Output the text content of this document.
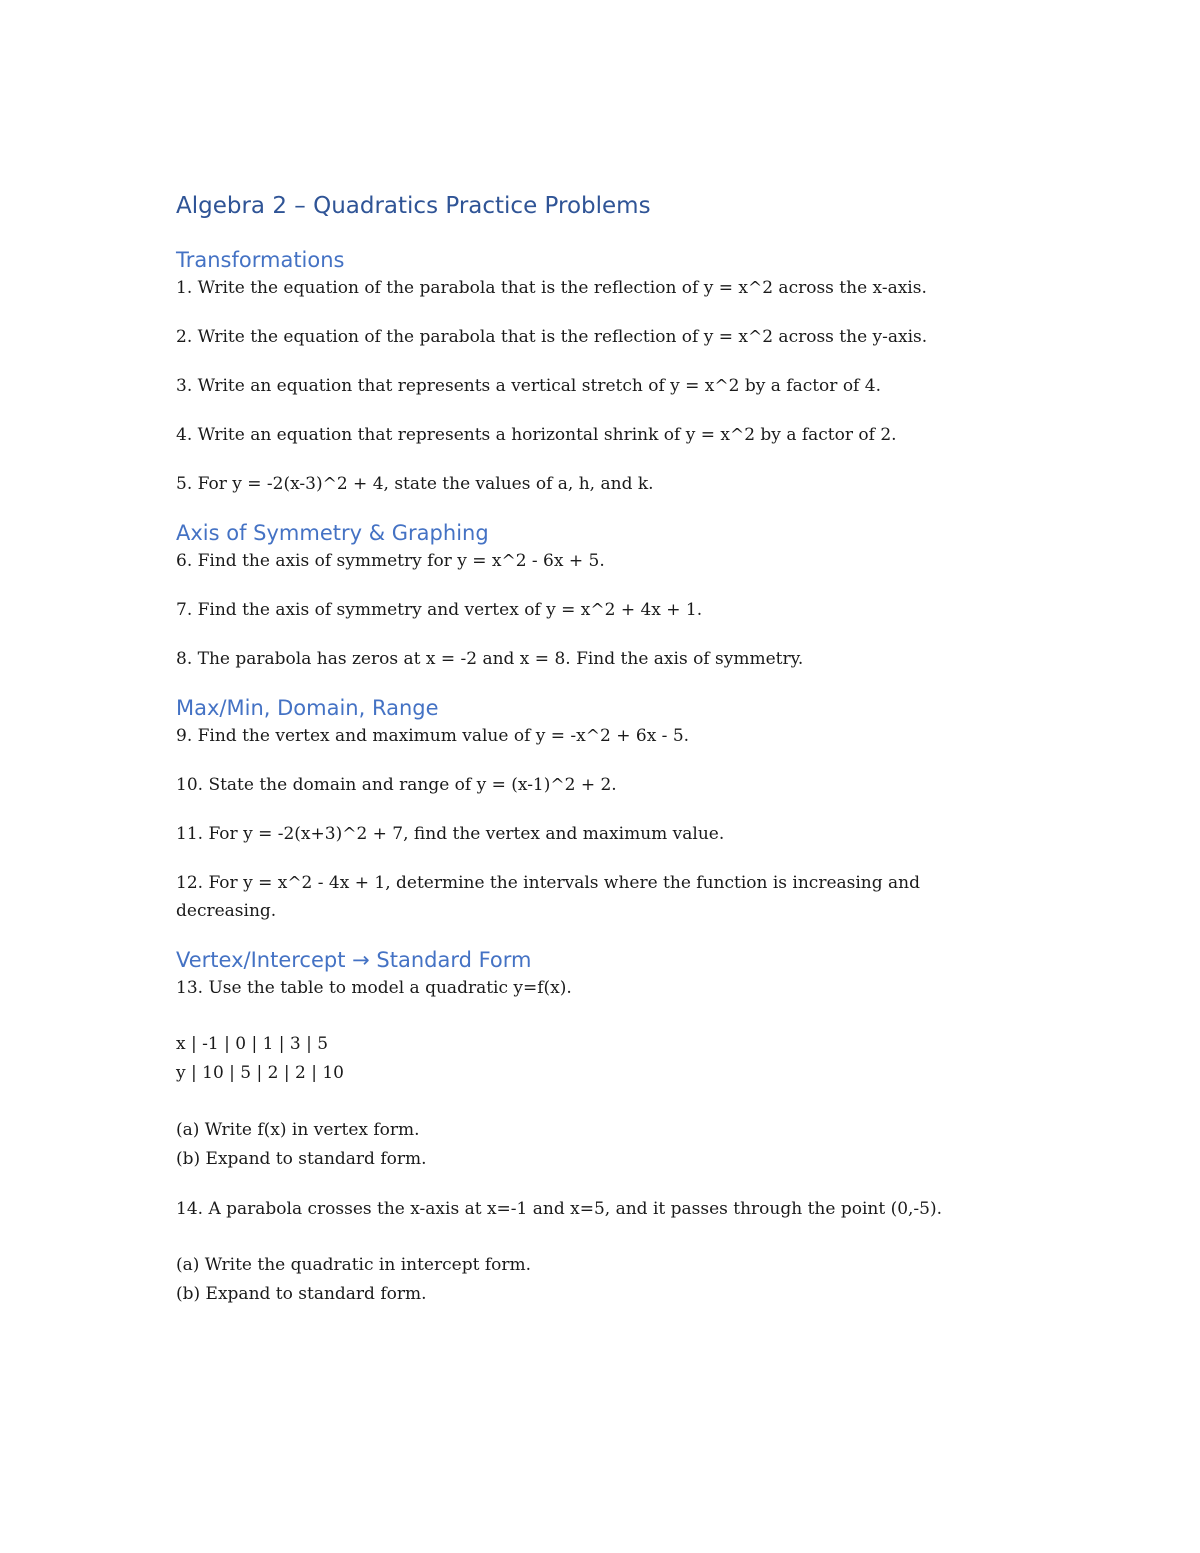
Algebra 2 – Quadratics Practice Problems
Transformations

1. Write the equation of the parabola that is the reflection of y = x^2 across the x-axis.

2. Write the equation of the parabola that is the reflection of y = x^2 across the y-axis.

3. Write an equation that represents a vertical stretch of y = x^2 by a factor of 4.

4. Write an equation that represents a horizontal shrink of y = x^2 by a factor of 2.

5. For y = -2(x-3)^2 + 4, state the values of a, h, and k.

Axis of Symmetry & Graphing

6. Find the axis of symmetry for y = x^2 - 6x + 5.

7. Find the axis of symmetry and vertex of y = x^2 + 4x + 1.

8. The parabola has zeros at x = -2 and x = 8. Find the axis of symmetry.

Max/Min, Domain, Range

9. Find the vertex and maximum value of y = -x^2 + 6x - 5.

10. State the domain and range of y = (x-1)^2 + 2.

11. For y = -2(x+3)^2 + 7, find the vertex and maximum value.

12. For y = x^2 - 4x + 1, determine the intervals where the function is increasing and decreasing.

Vertex/Intercept → Standard Form

13. Use the table to model a quadratic y=f(x).

x | -1 | 0 | 1 | 3 | 5

y | 10 | 5 | 2 | 2 | 10

(a) Write f(x) in vertex form.

(b) Expand to standard form.

14. A parabola crosses the x-axis at x=-1 and x=5, and it passes through the point (0,-5).

(a) Write the quadratic in intercept form.

(b) Expand to standard form.
